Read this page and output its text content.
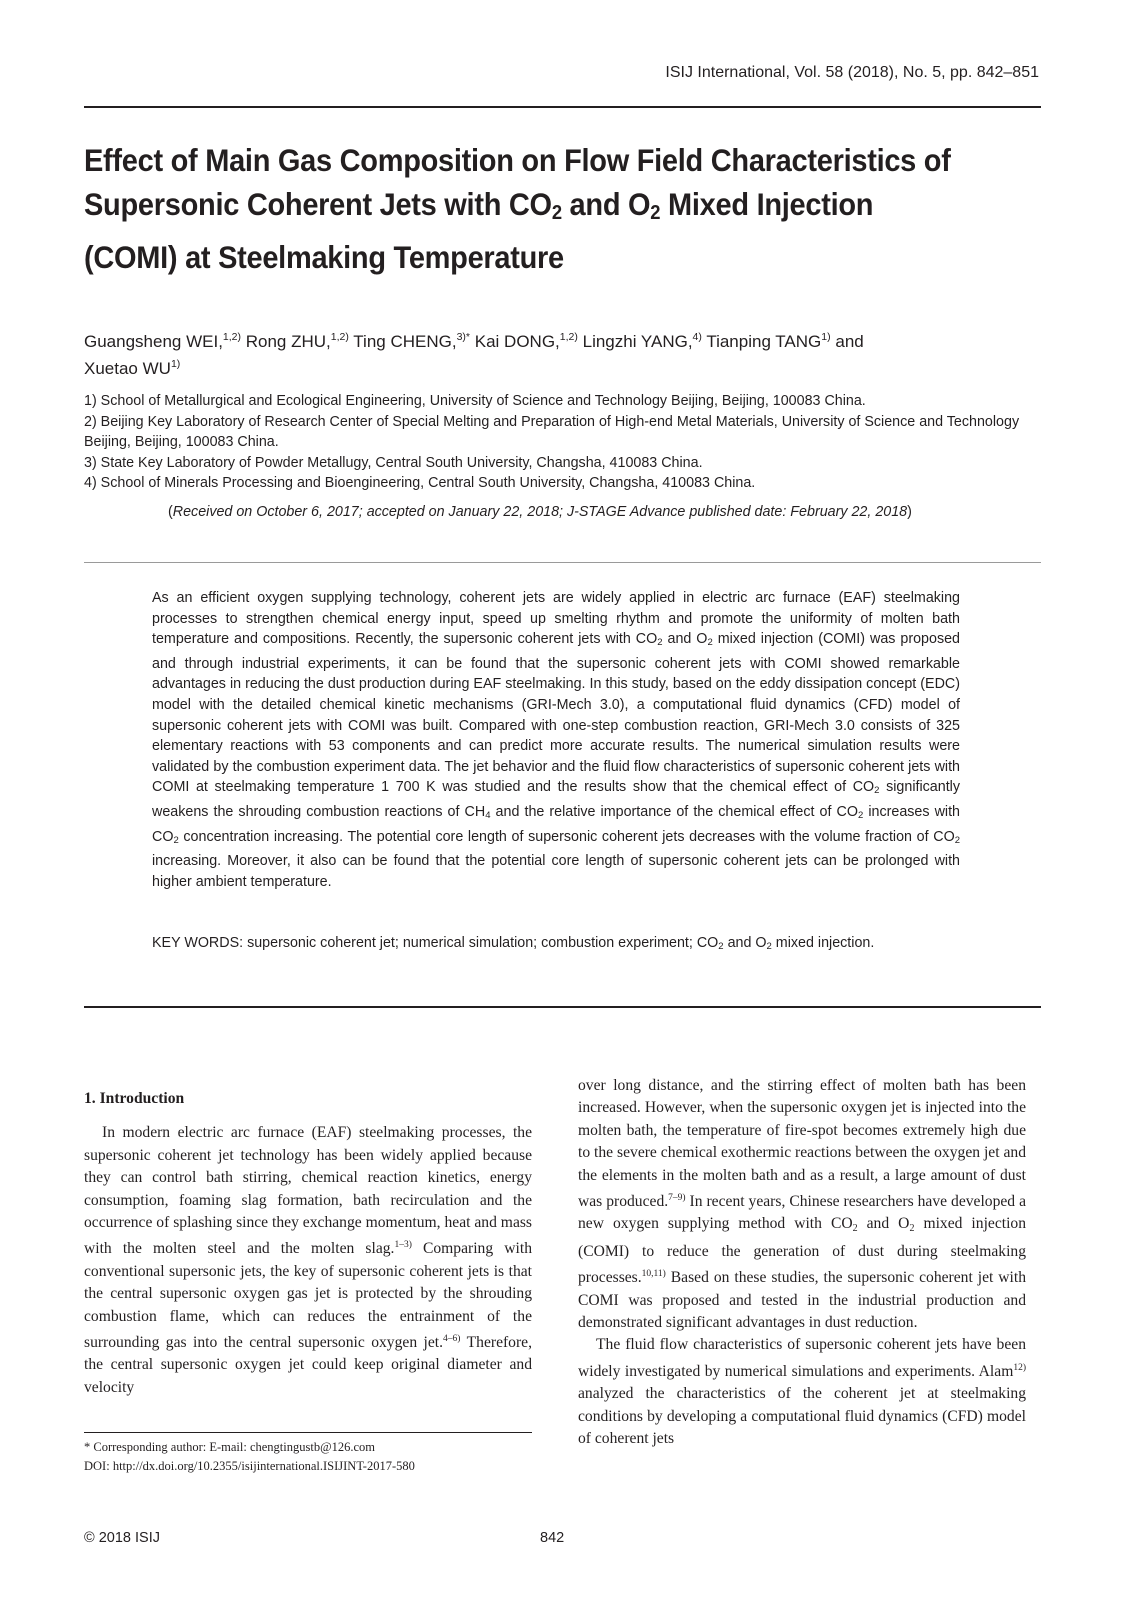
ISIJ International, Vol. 58 (2018), No. 5, pp. 842–851
Effect of Main Gas Composition on Flow Field Characteristics of
Supersonic Coherent Jets with $CO_2$ and $O_2$ Mixed Injection
(COMI) at Steelmaking Temperature
Guangsheng WEI,$^{1,2)}$ Rong ZHU,$^{1,2)}$ Ting CHENG,$^{3)*}$ Kai DONG,$^{1,2)}$ Lingzhi YANG,$^{4)}$ Tianping TANG$^{1)}$ and
Xuetao WU$^{1)}$
1) School of Metallurgical and Ecological Engineering, University of Science and Technology Beijing, Beijing, 100083 China.
2) Beijing Key Laboratory of Research Center of Special Melting and Preparation of High-end Metal Materials, University of Science and Technology Beijing, Beijing, 100083 China.
3) State Key Laboratory of Powder Metallugy, Central South University, Changsha, 410083 China.
4) School of Minerals Processing and Bioengineering, Central South University, Changsha, 410083 China.
(Received on October 6, 2017; accepted on January 22, 2018; J-STAGE Advance published date: February 22, 2018)
As an efficient oxygen supplying technology, coherent jets are widely applied in electric arc furnace (EAF) steelmaking processes to strengthen chemical energy input, speed up smelting rhythm and promote the uniformity of molten bath temperature and compositions. Recently, the supersonic coherent jets with $CO_2$ and $O_2$ mixed injection (COMI) was proposed and through industrial experiments, it can be found that the supersonic coherent jets with COMI showed remarkable advantages in reducing the dust production during EAF steelmaking. In this study, based on the eddy dissipation concept (EDC) model with the detailed chemical kinetic mechanisms (GRI-Mech 3.0), a computational fluid dynamics (CFD) model of supersonic coherent jets with COMI was built. Compared with one-step combustion reaction, GRI-Mech 3.0 consists of 325 elementary reactions with 53 components and can predict more accurate results. The numerical simulation results were validated by the combustion experiment data. The jet behavior and the fluid flow characteristics of supersonic coherent jets with COMI at steelmaking temperature 1 700 K was studied and the results show that the chemical effect of $CO_2$ significantly weakens the shrouding combustion reactions of $CH_4$ and the relative importance of the chemical effect of $CO_2$ increases with $CO_2$ concentration increasing. The potential core length of supersonic coherent jets decreases with the volume fraction of $CO_2$ increasing. Moreover, it also can be found that the potential core length of supersonic coherent jets can be prolonged with higher ambient temperature.
KEY WORDS: supersonic coherent jet; numerical simulation; combustion experiment; $CO_2$ and $O_2$ mixed injection.

1. Introduction

In modern electric arc furnace (EAF) steelmaking processes, the supersonic coherent jet technology has been widely applied because they can control bath stirring, chemical reaction kinetics, energy consumption, foaming slag formation, bath recirculation and the occurrence of splashing since they exchange momentum, heat and mass with the molten steel and the molten slag.$^{1-3)}$ Comparing with conventional supersonic jets, the key of supersonic coherent jets is that the central supersonic oxygen gas jet is protected by the shrouding combustion flame, which can reduces the entrainment of the surrounding gas into the central supersonic oxygen jet.$^{4-6)}$ Therefore, the central supersonic oxygen jet could keep original diameter and velocity

over long distance, and the stirring effect of molten bath has been increased. However, when the supersonic oxygen jet is injected into the molten bath, the temperature of fire-spot becomes extremely high due to the severe chemical exothermic reactions between the oxygen jet and the elements in the molten bath and as a result, a large amount of dust was produced.$^{7-9)}$ In recent years, Chinese researchers have developed a new oxygen supplying method with $CO_2$ and $O_2$ mixed injection (COMI) to reduce the generation of dust during steelmaking processes.$^{10,11)}$ Based on these studies, the supersonic coherent jet with COMI was proposed and tested in the industrial production and demonstrated significant advantages in dust reduction.

The fluid flow characteristics of supersonic coherent jets have been widely investigated by numerical simulations and experiments. Alam$^{12)}$ analyzed the characteristics of the coherent jet at steelmaking conditions by developing a computational fluid dynamics (CFD) model of coherent jets

* Corresponding author: E-mail: chengtingustb@126.com
DOI: http://dx.doi.org/10.2355/isijinternational.ISIJINT-2017-580
© 2018 ISIJ	842
